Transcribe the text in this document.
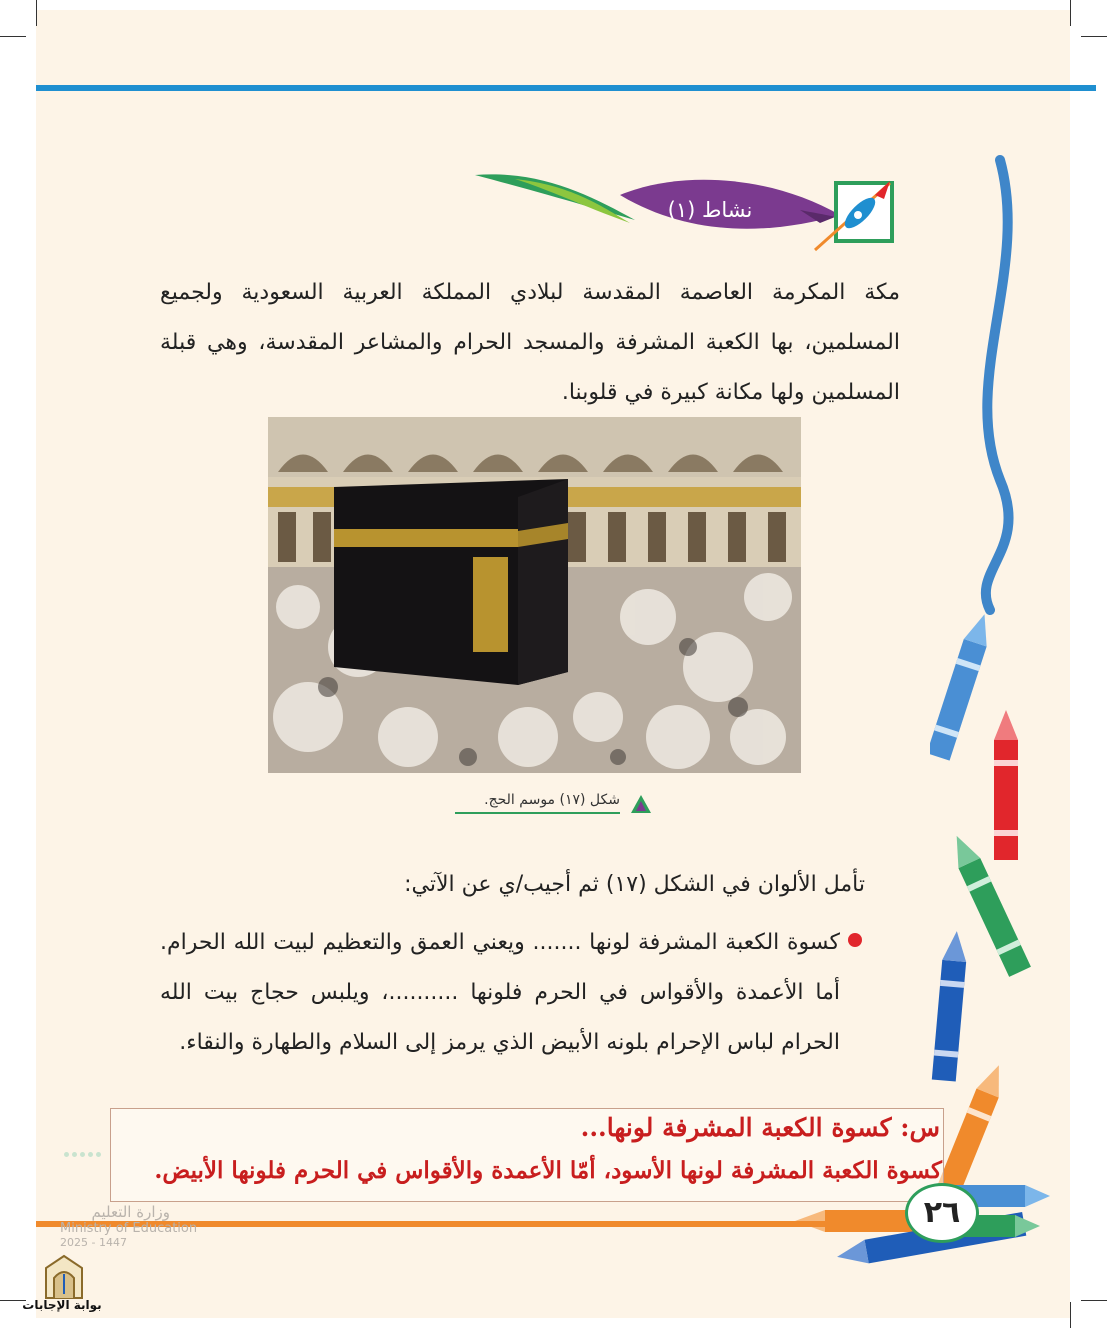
نشاط (١)
مكة المكرمة العاصمة المقدسة لبلادي المملكة العربية السعودية ولجميع المسلمين، بها الكعبة المشرفة والمسجد الحرام والمشاعر المقدسة، وهي قبلة المسلمين ولها مكانة كبيرة في قلوبنا.
شكل (١٧) موسم الحج.
تأمل الألوان في الشكل (١٧) ثم أجيب/ي عن الآتي:
كسوة الكعبة المشرفة لونها ....... ويعني العمق والتعظيم لبيت الله الحرام. أما الأعمدة والأقواس في الحرم فلونها ..........، ويلبس حجاج بيت الله الحرام لباس الإحرام بلونه الأبيض الذي يرمز إلى السلام والطهارة والنقاء.
س: كسوة الكعبة المشرفة لونها...
كسوة الكعبة المشرفة لونها الأسود، أمّا الأعمدة والأقواس في الحرم فلونها الأبيض.
٢٦
وزارة التعليم
Ministry of Education
2025 - 1447
بوابة الإجابات
